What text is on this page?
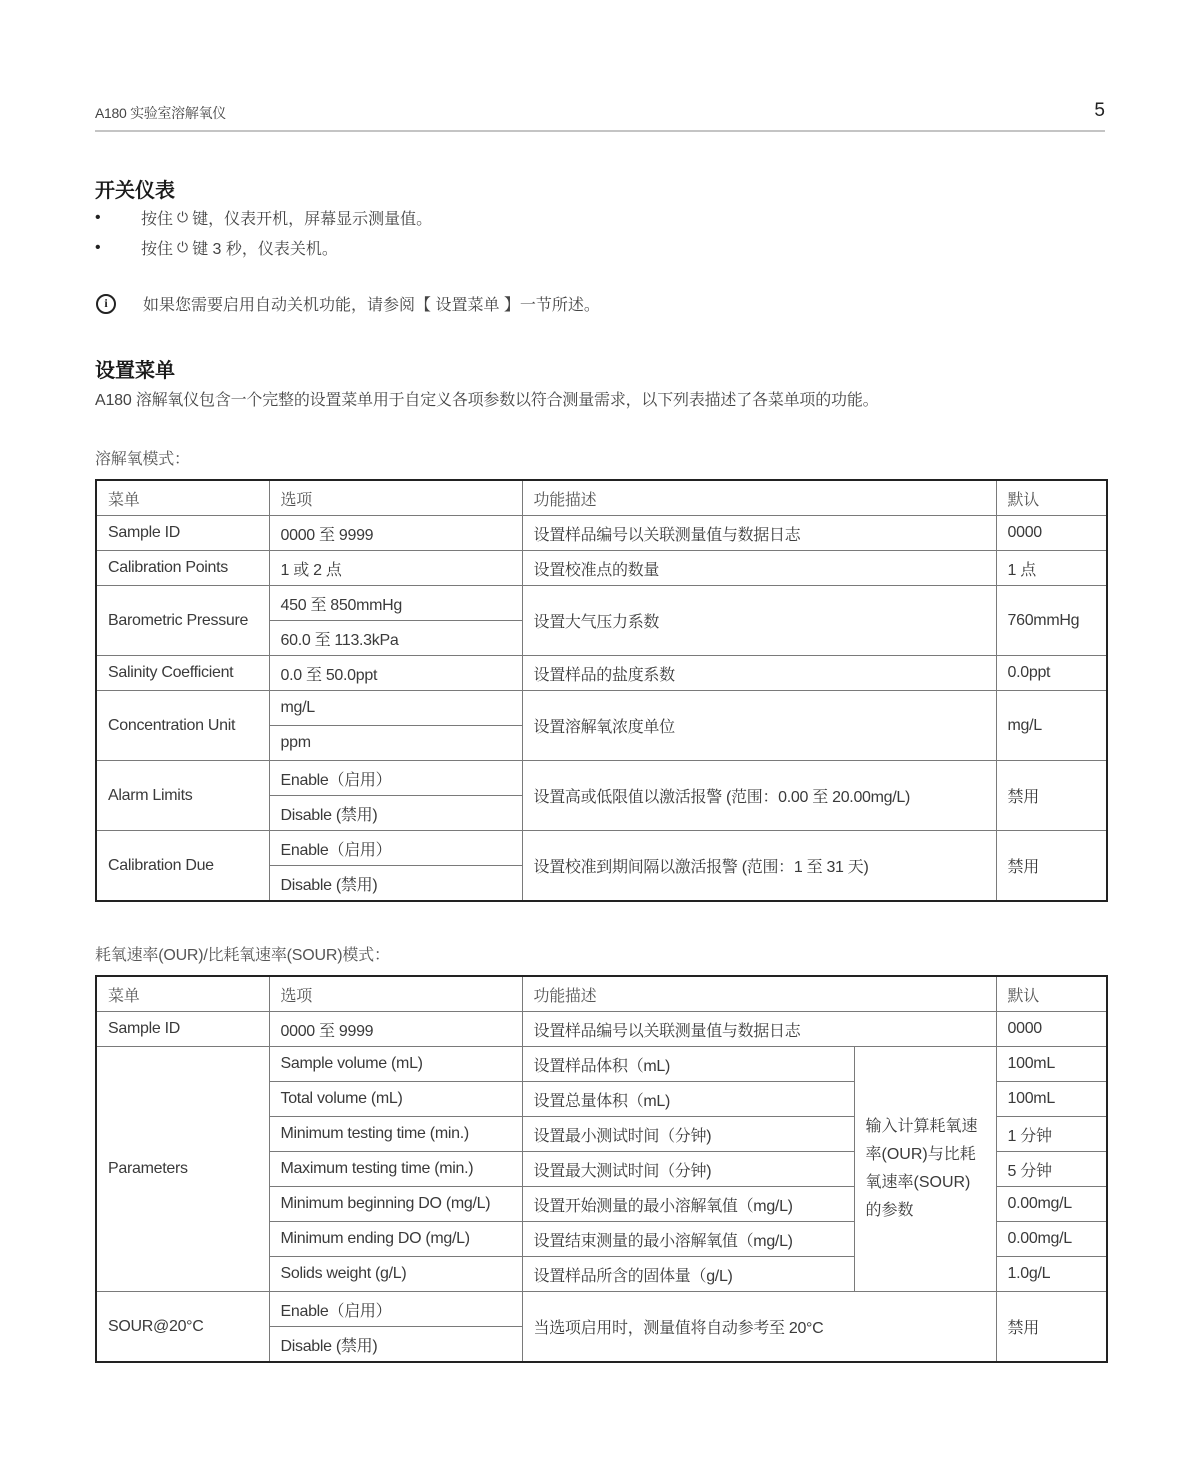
A180 实验室溶解氧仪	5
开关仪表
•	按住 ⏻ 键，仪表开机，屏幕显示测量值。
•	按住 ⏻ 键 3 秒，仪表关机。
i	如果您需要启用自动关机功能，请参阅【 设置菜单 】一节所述。
设置菜单
A180 溶解氧仪包含一个完整的设置菜单用于自定义各项参数以符合测量需求，以下列表描述了各菜单项的功能。
溶解氧模式：
菜单	选项	功能描述	默认
Sample ID	0000 至 9999	设置样品编号以关联测量值与数据日志	0000
Calibration Points	1 或 2 点	设置校准点的数量	1 点
Barometric Pressure	450 至 850mmHg	设置大气压力系数	760mmHg
	60.0 至 113.3kPa		
Salinity Coefficient	0.0 至 50.0ppt	设置样品的盐度系数	0.0ppt
Concentration Unit	mg/L	设置溶解氧浓度单位	mg/L
	ppm		
Alarm Limits	Enable（启用）	设置高或低限值以激活报警 (范围：0.00 至 20.00mg/L)	禁用
	Disable (禁用)		
Calibration Due	Enable（启用）	设置校准到期间隔以激活报警 (范围：1 至 31 天)	禁用
	Disable (禁用)		
耗氧速率(OUR)/比耗氧速率(SOUR)模式：
菜单	选项	功能描述		默认
Sample ID	0000 至 9999	设置样品编号以关联测量值与数据日志		0000
Parameters	Sample volume (mL)	设置样品体积（mL)	输入计算耗氧速率(OUR)与比耗氧速率(SOUR)的参数	100mL
	Total volume (mL)	设置总量体积（mL)		100mL
	Minimum testing time (min.)	设置最小测试时间（分钟)		1 分钟
	Maximum testing time (min.)	设置最大测试时间（分钟)		5 分钟
	Minimum beginning DO (mg/L)	设置开始测量的最小溶解氧值（mg/L)		0.00mg/L
	Minimum ending DO (mg/L)	设置结束测量的最小溶解氧值（mg/L)		0.00mg/L
	Solids weight (g/L)	设置样品所含的固体量（g/L)		1.0g/L
SOUR@20°C	Enable（启用）	当选项启用时，测量值将自动参考至 20°C		禁用
	Disable (禁用)			
